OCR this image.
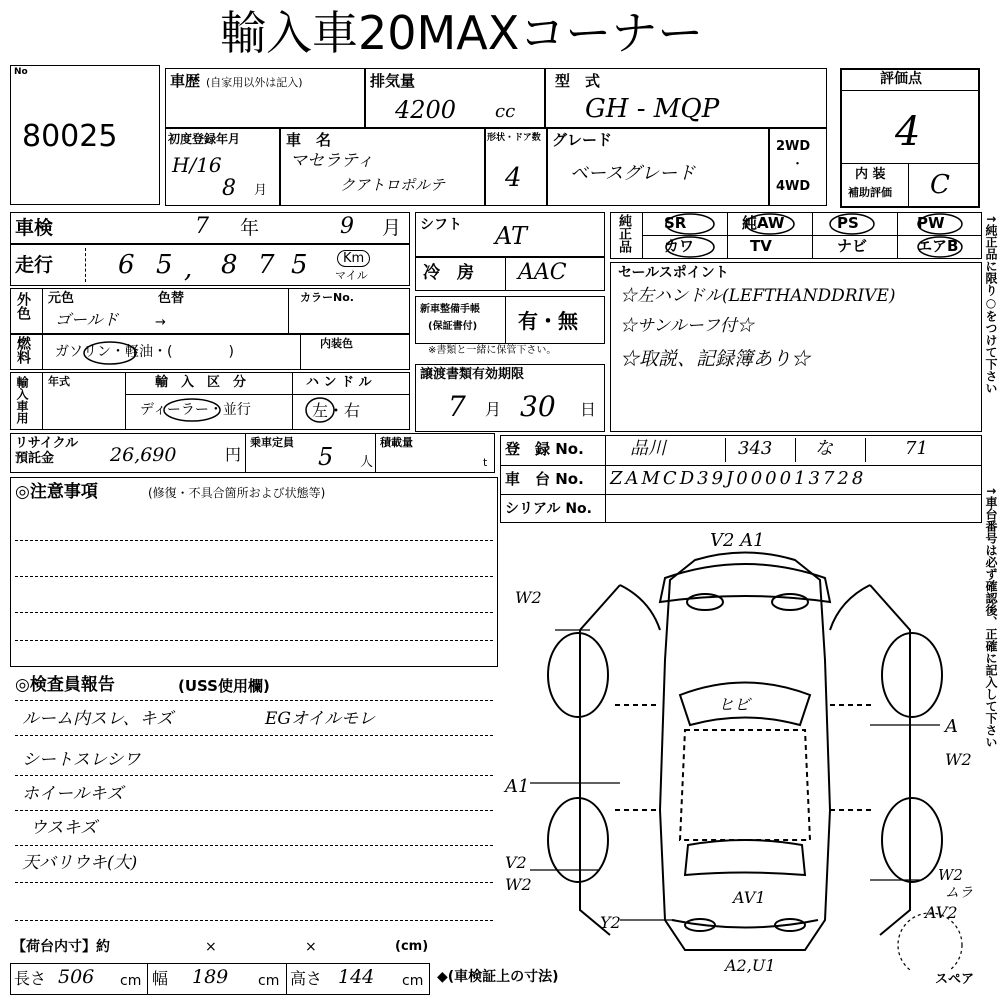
輸入車20MAXコーナー
No
80025
車歴 (自家用以外は記入)	排気量
4200 cc
型　式
GH - MQP
評価点
4
内 装
補助評価 C
初度登録年月
H/16
8 月
車　名
マセラティ
クアトロポルテ
形状・ドア数
4
グレード
ベースグレード
2WD
・
4WD
車検	7 年	9 月
走行 6 5 , 8 7 5	Km
マイル
シフト AT
冷　房 AAC
純正品 SR	純AW	PS	PW
カワ	TV	ナビ	エアB
セールスポイント
☆左ハンドル(LEFTHANDDRIVE)
☆サンルーフ付☆
☆取説、記録簿あり☆
外色 元色	色替	カラーNo.
ゴールド	→
燃料 ガソリン・軽油・(　　　　)
内装色
新車整備手帳
(保証書付) 有・無
※書類と一緒に保管下さい。
輸入車用 年式	輸　入　区　分
ディーラー・並行
ハ ン ド ル
左・右
譲渡書類有効期限
7 月 30 日
リサイクル預託金	26,690	円
乗車定員
5 人
積載量
t
登　録 No.	品川	343 な	71
車　台 No. ZAMCD39J000013728
シリアル No.
◎注意事項	(修復・不具合箇所および状態等)
◎検査員報告	(USS使用欄)
ルーム内スレ、キズ	EGオイルモレ
シートスレシワ
ホイールキズ
ウスキズ
天バリウキ(大)
【荷台内寸】約	×	×	(cm)
長さ 506 cm 幅 189 cm 高さ 144 cm ◆(車検証上の寸法)
V2 A1
W2
ヒビ
A
A1
W2
V2
W2	W2
ムラ
AV2
AV1
Y2
A2,U1
スペア
↑純正品に限り○をつけて下さい
↑車台番号は必ず確認後、正確に記入して下さい
